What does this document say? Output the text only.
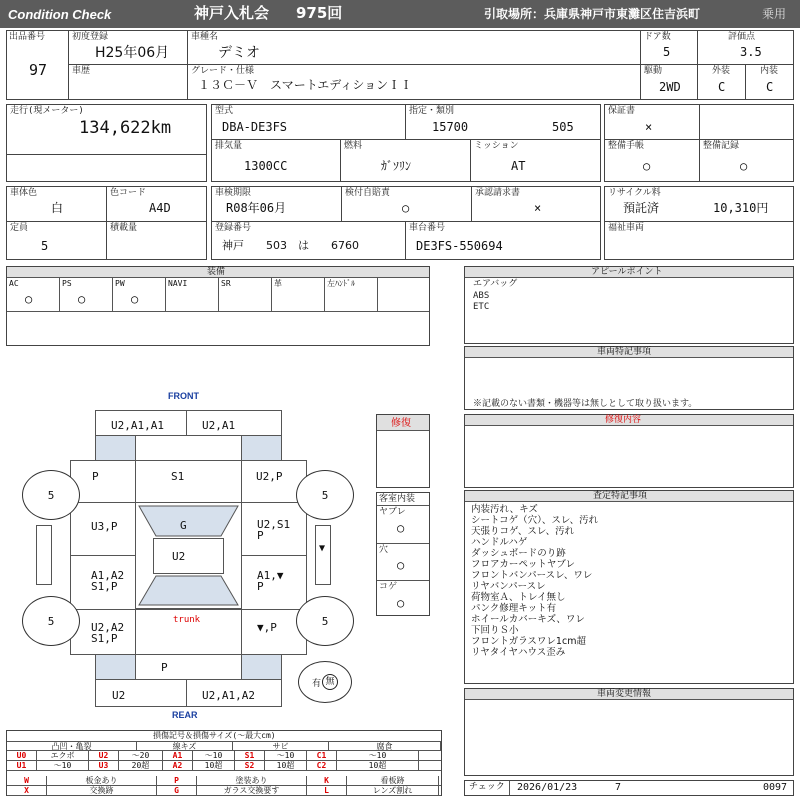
Condition Check	神戸入札会 975回	引取場所：兵庫県神戸市東灘区住吉浜町	乗用
出品番号
97
初度登録
H25年06月
車種名
デミオ
ドア数
5
評価点
3.5
車歴	グレード・仕様
１３Ｃ－Ｖ　スマートエディションＩＩ
駆動
2WD
外装
C
内装
C
走行(現メーター)
134,622km
型式
DBA-DE3FS
指定・類別
15700	505
保証書
×
排気量
1300CC
燃料
ｶﾞｿﾘﾝ
ミッション
AT
整備手帳
○
整備記録
○
車体色
白
色コード
A4D
車検期限
R08年06月
検付自賠責
○
承認請求書
×
リサイクル料
預託済	10,310円
定員
5
積載量	登録番号
神戸　　503　は　　6760
車台番号
DE3FS-550694
福祉車両
装備
AC
○
PS
○
PW
○
NAVI	SR	革	左ﾊﾝﾄﾞﾙ
アピールポイント
エアバッグ
ABS
ETC
車両特記事項
※記載のない書類・機器等は無しとして取り扱います。
修復内容
査定特記事項
内装汚れ、キズ
シートコゲ（穴）、スレ、汚れ
天張りコゲ、スレ、汚れ
ハンドルハゲ
ダッシュボードのり跡
フロアカーペットヤブレ
フロントバンパースレ、ワレ
リヤバンパースレ
荷物室Ａ、トレイ無し
パンク修理キット有
ホイールカバーキズ、ワレ
下回りＳ小
フロントガラスワレ1cm超
リヤタイヤハウス歪み
車両変更情報
チェック 2026/01/23	7	0097
FRONT
REAR
U2,A1,A1	U2,A1
P	S1	U2,P
U3,P	G
U2
U2,S1
P
A1,A2
S1,P
A1,▼
P
U2,A2
S1,P
trunk
▼,P
P
U2	U2,A1,A2
▼
5	5
5	5
有 無
修復
客室内装
ヤブレ
○
穴
○
コゲ
○
損傷記号＆損傷サイズ(～最大cm)
凸凹・亀裂	線キズ	サビ	腐食
U0	エクボ	U2	～20	A1	～10	S1	～10	C1	～10
U1	～10	U3	20超	A2	10超	S2	10超	C2	10超
W	板金あり	P	塗装あり	K	看板跡
X	交換跡	G	ガラス交換要す	L	レンズ割れ
